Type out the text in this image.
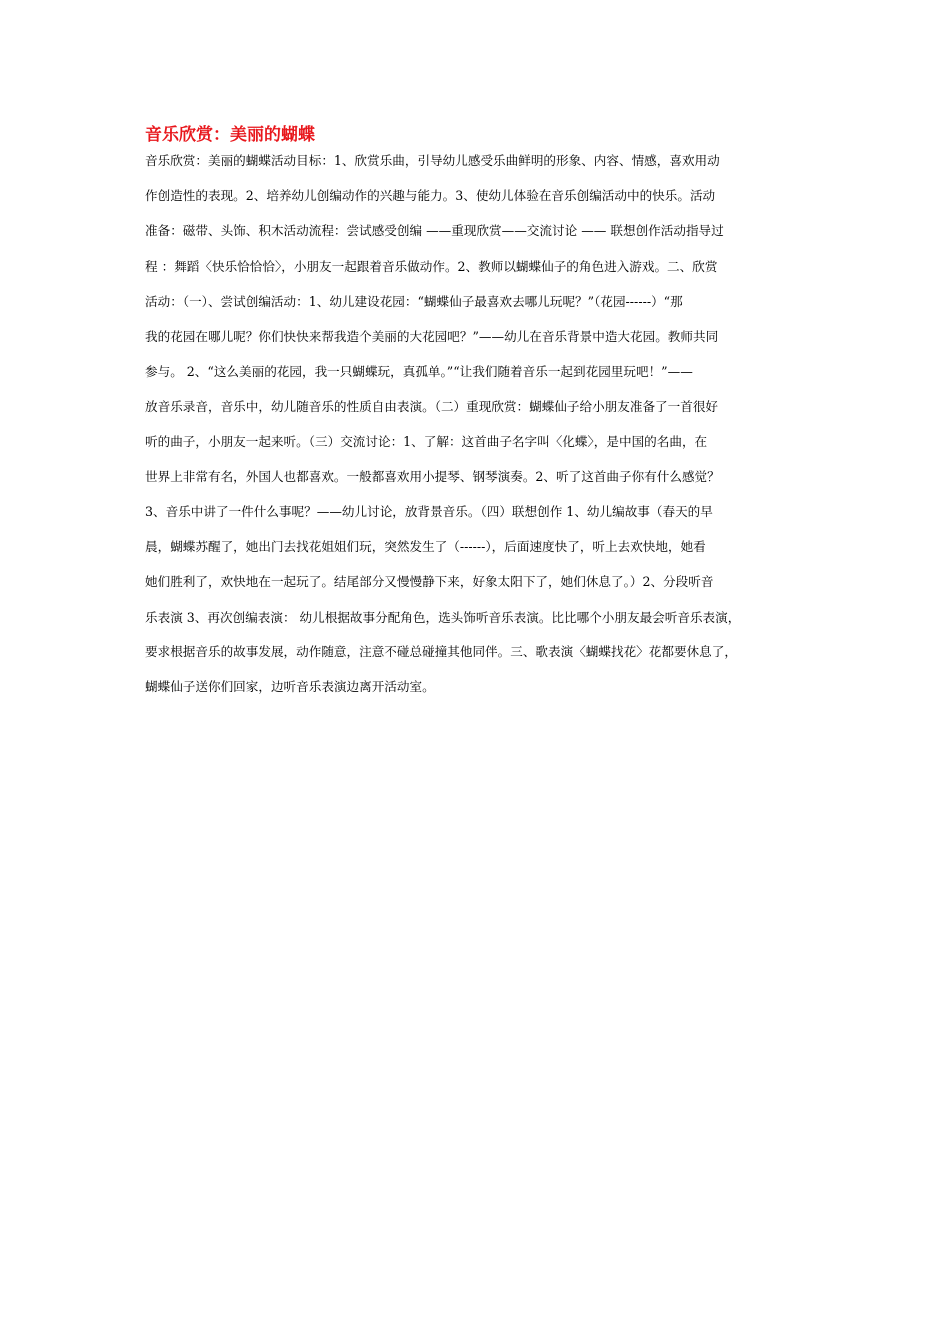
音乐欣赏：美丽的蝴蝶
音乐欣赏：美丽的蝴蝶活动目标：1、欣赏乐曲，引导幼儿感受乐曲鲜明的形象、内容、情感，喜欢用动
作创造性的表现。2、培养幼儿创编动作的兴趣与能力。3、使幼儿体验在音乐创编活动中的快乐。活动
准备：磁带、头饰、积木活动流程：尝试感受创编 ——重现欣赏——交流讨论 —— 联想创作活动指导过
程 ：舞蹈〈快乐恰恰恰〉，小朋友一起跟着音乐做动作。2、教师以蝴蝶仙子的角色进入游戏。二、欣赏
活动：（一）、尝试创编活动：1、幼儿建设花园：“蝴蝶仙子最喜欢去哪儿玩呢？”（花园------）“那
我的花园在哪儿呢？你们快快来帮我造个美丽的大花园吧？”——幼儿在音乐背景中造大花园。教师共同
参与。 2、“这么美丽的花园，我一只蝴蝶玩，真孤单。”“让我们随着音乐一起到花园里玩吧！”——
放音乐录音，音乐中，幼儿随音乐的性质自由表演。（二）重现欣赏：蝴蝶仙子给小朋友准备了一首很好
听的曲子，小朋友一起来听。（三）交流讨论：1、了解：这首曲子名字叫〈化蝶〉，是中国的名曲，在
世界上非常有名，外国人也都喜欢。一般都喜欢用小提琴、钢琴演奏。2、听了这首曲子你有什么感觉？
3、音乐中讲了一件什么事呢？——幼儿讨论，放背景音乐。（四）联想创作 1、幼儿编故事（春天的早
晨，蝴蝶苏醒了，她出门去找花姐姐们玩，突然发生了（------），后面速度快了，听上去欢快地，她看
她们胜利了，欢快地在一起玩了。结尾部分又慢慢静下来，好象太阳下了，她们休息了。）2、分段听音
乐表演 3、再次创编表演： 幼儿根据故事分配角色，选头饰听音乐表演。比比哪个小朋友最会听音乐表演，
要求根据音乐的故事发展，动作随意，注意不碰总碰撞其他同伴。三、歌表演〈蝴蝶找花〉花都要休息了，
蝴蝶仙子送你们回家，边听音乐表演边离开活动室。
